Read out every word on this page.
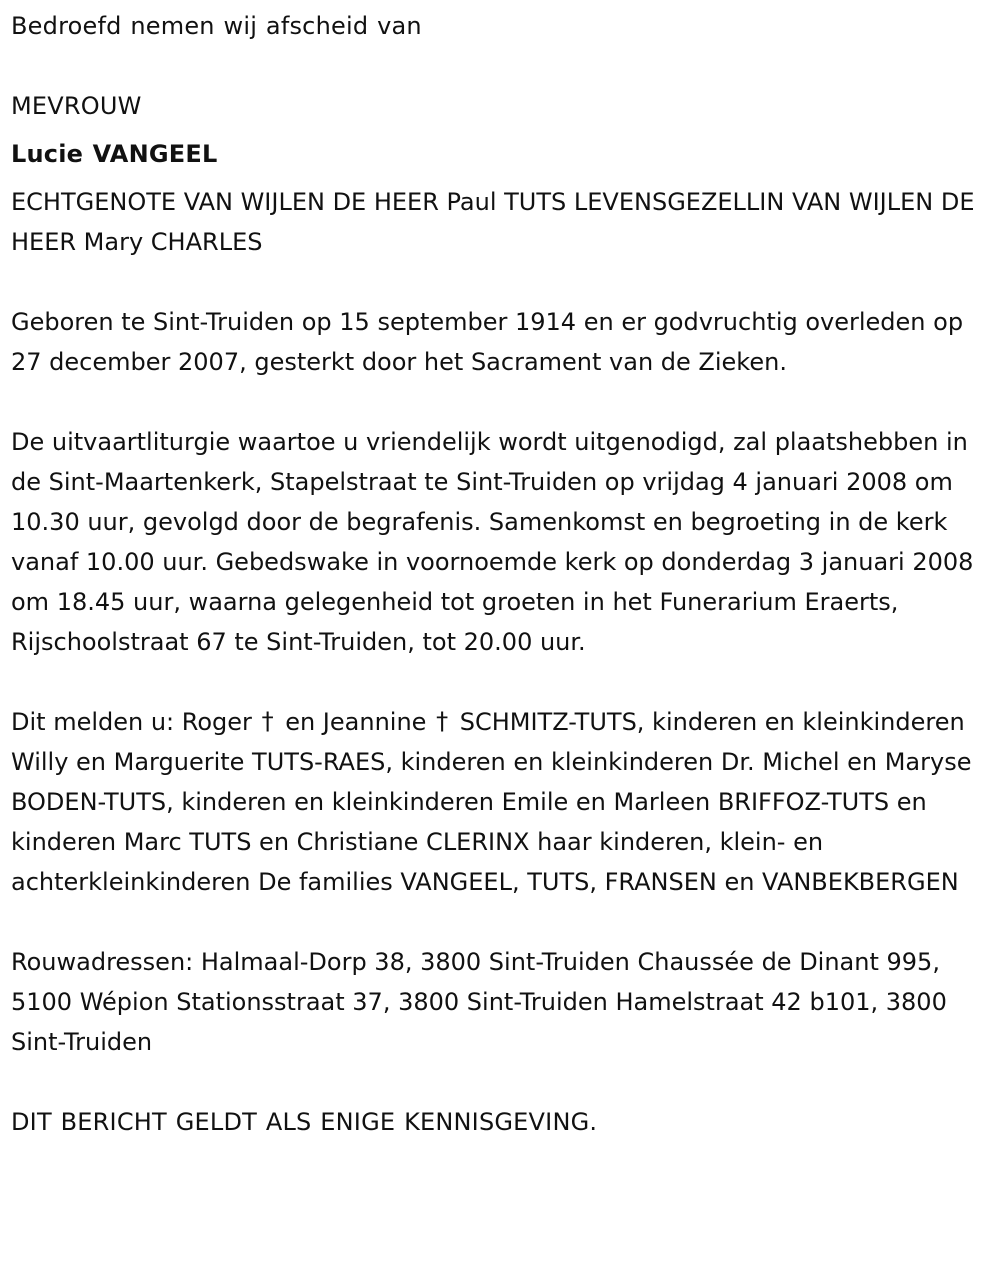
Bedroefd nemen wij afscheid van
MEVROUW
Lucie VANGEEL
ECHTGENOTE VAN WIJLEN DE HEER Paul TUTS LEVENSGEZELLIN VAN WIJLEN DE HEER Mary CHARLES
Geboren te Sint-Truiden op 15 september 1914 en er godvruchtig overleden op 27 december 2007, gesterkt door het Sacrament van de Zieken.
De uitvaartliturgie waartoe u vriendelijk wordt uitgenodigd, zal plaatshebben in de Sint-Maartenkerk, Stapelstraat te Sint-Truiden op vrijdag 4 januari 2008 om 10.30 uur, gevolgd door de begrafenis. Samenkomst en begroeting in de kerk vanaf 10.00 uur. Gebedswake in voornoemde kerk op donderdag 3 januari 2008 om 18.45 uur, waarna gelegenheid tot groeten in het Funerarium Eraerts, Rijschoolstraat 67 te Sint-Truiden, tot 20.00 uur.
Dit melden u: Roger † en Jeannine † SCHMITZ-TUTS, kinderen en kleinkinderen Willy en Marguerite TUTS-RAES, kinderen en kleinkinderen Dr. Michel en Maryse BODEN-TUTS, kinderen en kleinkinderen Emile en Marleen BRIFFOZ-TUTS en kinderen Marc TUTS en Christiane CLERINX haar kinderen, klein- en achterkleinkinderen De families VANGEEL, TUTS, FRANSEN en VANBEKBERGEN
Rouwadressen: Halmaal-Dorp 38, 3800 Sint-Truiden Chaussée de Dinant 995, 5100 Wépion Stationsstraat 37, 3800 Sint-Truiden Hamelstraat 42 b101, 3800 Sint-Truiden
DIT BERICHT GELDT ALS ENIGE KENNISGEVING.
